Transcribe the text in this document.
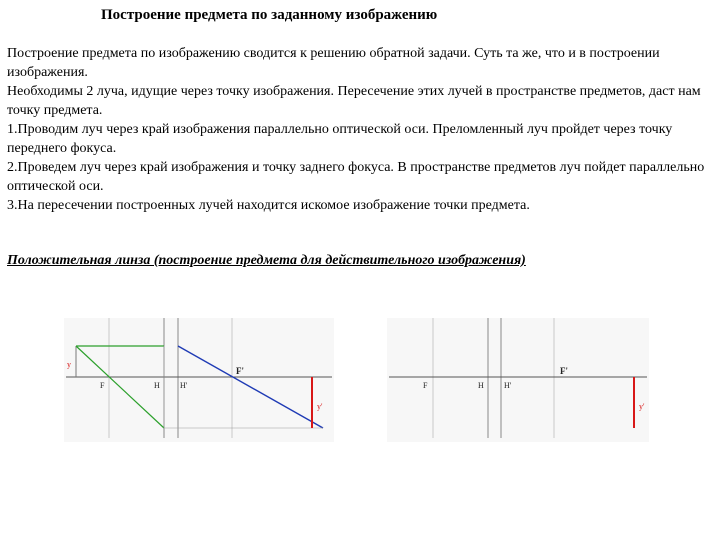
Построение предмета по заданному изображению

Построение предмета по изображению сводится к решению обратной задачи. Суть та же, что и в построении изображения.

Необходимы 2 луча, идущие через точку изображения. Пересечение этих лучей в пространстве предметов, даст нам точку предмета.

1.Проводим луч через край изображения параллельно оптической оси. Преломленный луч пройдет через точку переднего фокуса.

2.Проведем луч через край изображения и точку заднего фокуса. В пространстве предметов луч пойдет параллельно оптической оси.

3.На пересечении построенных лучей находится искомое изображение точки предмета.

Положительная линза (построение предмета для действительного изображения)
y
F	H	H'
F'
y'
F	H	H'
F'
y'
